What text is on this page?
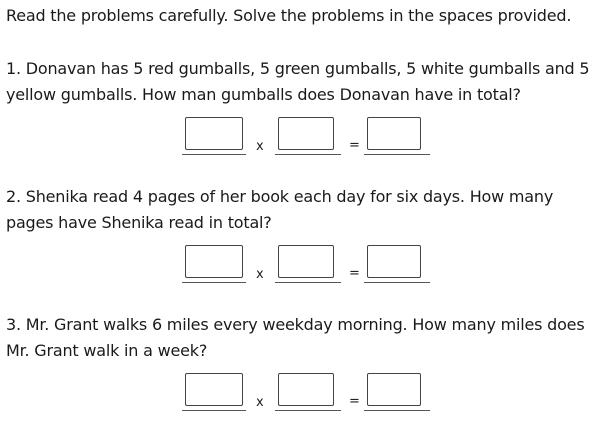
Read the problems carefully. Solve the problems in the spaces provided.
1. Donavan has 5 red gumballs, 5 green gumballs, 5 white gumballs and 5
yellow gumballs. How man gumballs does Donavan have in total?
x	=
2. Shenika read 4 pages of her book each day for six days. How many
pages have Shenika read in total?
x	=
3. Mr. Grant walks 6 miles every weekday morning. How many miles does
Mr. Grant walk in a week?
x	=
